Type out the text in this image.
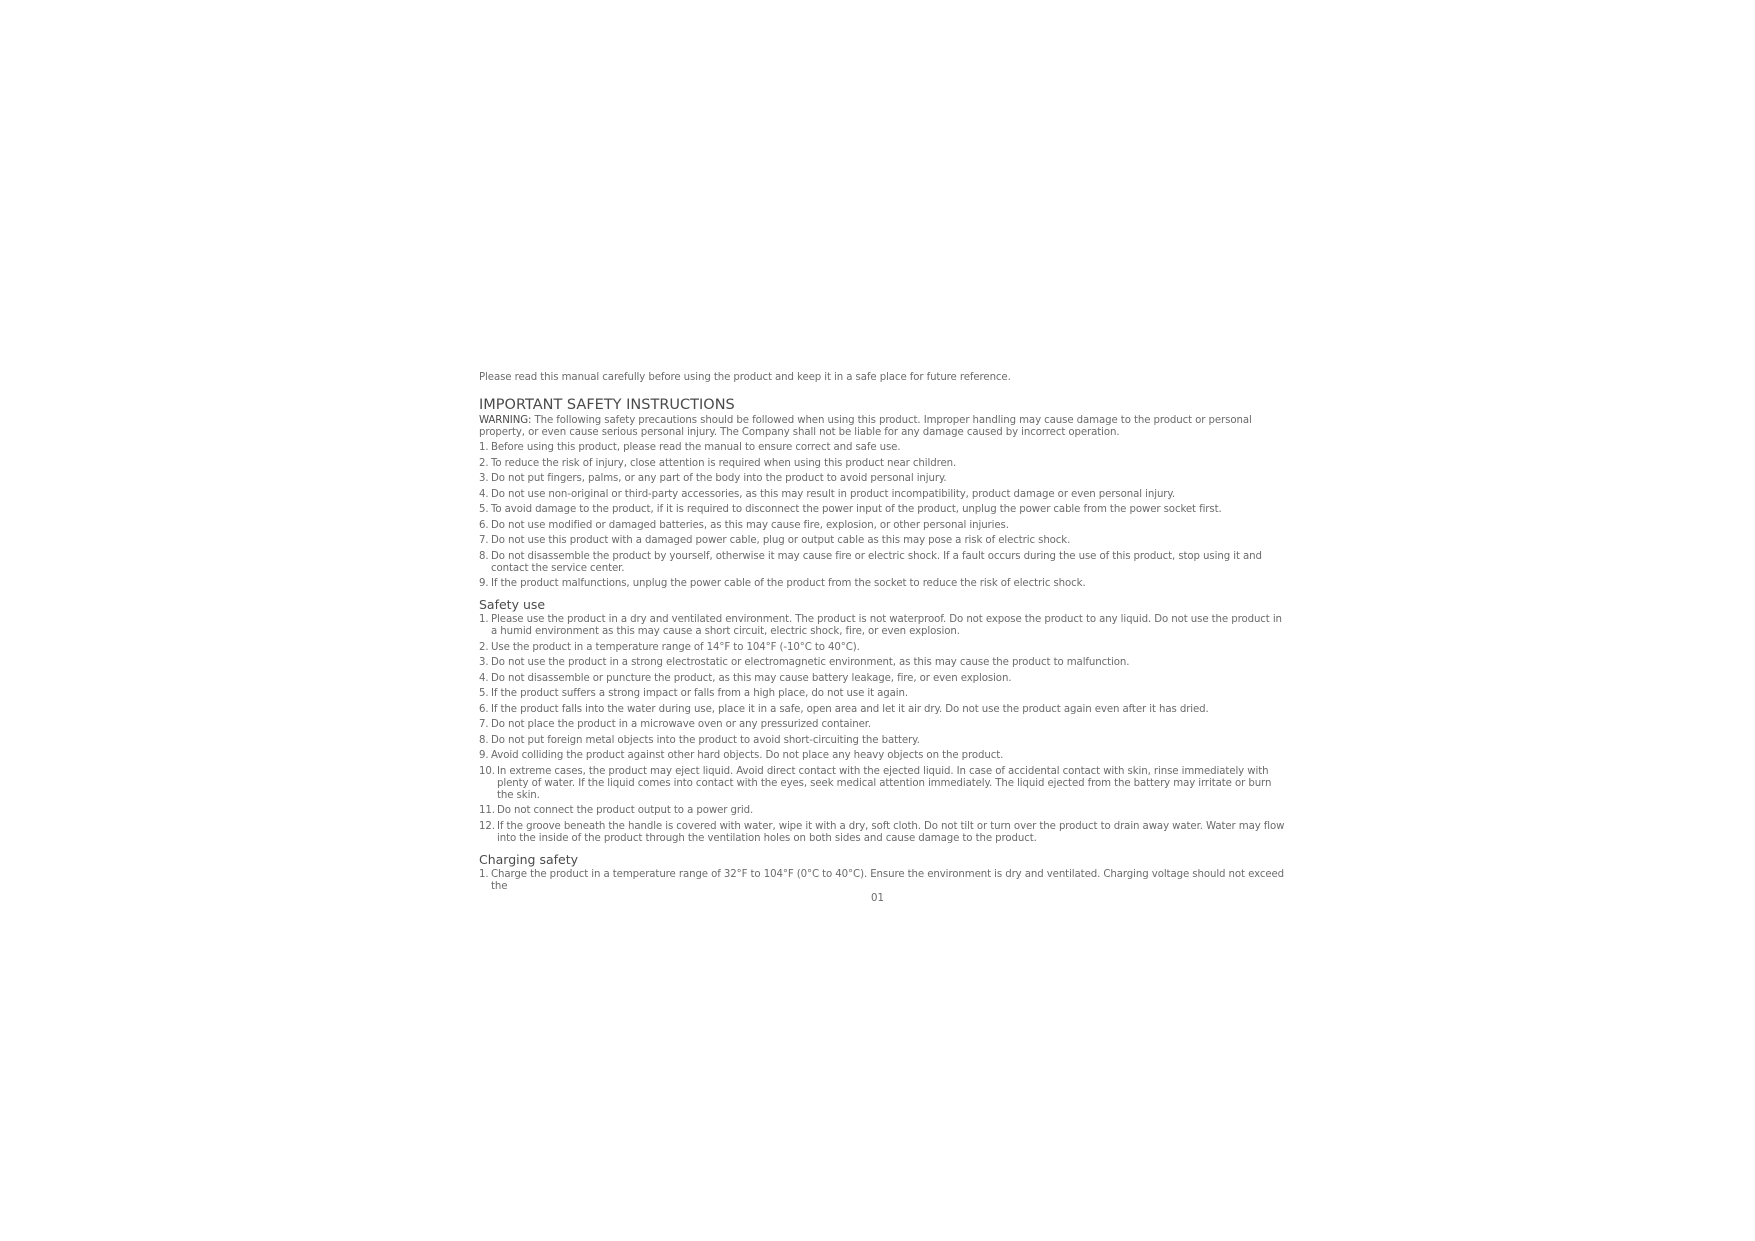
Please read this manual carefully before using the product and keep it in a safe place for future reference.

IMPORTANT SAFETY INSTRUCTIONS

WARNING: The following safety precautions should be followed when using this product. Improper handling may cause damage to the product or personal property, or even cause serious personal injury. The Company shall not be liable for any damage caused by incorrect operation.

1. Before using this product, please read the manual to ensure correct and safe use.
2. To reduce the risk of injury, close attention is required when using this product near children.
3. Do not put fingers, palms, or any part of the body into the product to avoid personal injury.
4. Do not use non-original or third-party accessories, as this may result in product incompatibility, product damage or even personal injury.
5. To avoid damage to the product, if it is required to disconnect the power input of the product, unplug the power cable from the power socket first.
6. Do not use modified or damaged batteries, as this may cause fire, explosion, or other personal injuries.
7. Do not use this product with a damaged power cable, plug or output cable as this may pose a risk of electric shock.
8. Do not disassemble the product by yourself, otherwise it may cause fire or electric shock. If a fault occurs during the use of this product, stop using it and contact the service center.
9. If the product malfunctions, unplug the power cable of the product from the socket to reduce the risk of electric shock.
Safety use
1. Please use the product in a dry and ventilated environment. The product is not waterproof. Do not expose the product to any liquid. Do not use the product in a humid environment as this may cause a short circuit, electric shock, fire, or even explosion.
2. Use the product in a temperature range of 14°F to 104°F (-10°C to 40°C).
3. Do not use the product in a strong electrostatic or electromagnetic environment, as this may cause the product to malfunction.
4. Do not disassemble or puncture the product, as this may cause battery leakage, fire, or even explosion.
5. If the product suffers a strong impact or falls from a high place, do not use it again.
6. If the product falls into the water during use, place it in a safe, open area and let it air dry. Do not use the product again even after it has dried.
7. Do not place the product in a microwave oven or any pressurized container.
8. Do not put foreign metal objects into the product to avoid short-circuiting the battery.
9. Avoid colliding the product against other hard objects. Do not place any heavy objects on the product.
10. In extreme cases, the product may eject liquid. Avoid direct contact with the ejected liquid. In case of accidental contact with skin, rinse immediately with plenty of water. If the liquid comes into contact with the eyes, seek medical attention immediately. The liquid ejected from the battery may irritate or burn the skin.
11. Do not connect the product output to a power grid.
12. If the groove beneath the handle is covered with water, wipe it with a dry, soft cloth. Do not tilt or turn over the product to drain away water. Water may flow into the inside of the product through the ventilation holes on both sides and cause damage to the product.
Charging safety
1. Charge the product in a temperature range of 32°F to 104°F (0°C to 40°C). Ensure the environment is dry and ventilated. Charging voltage should not exceed the
01
